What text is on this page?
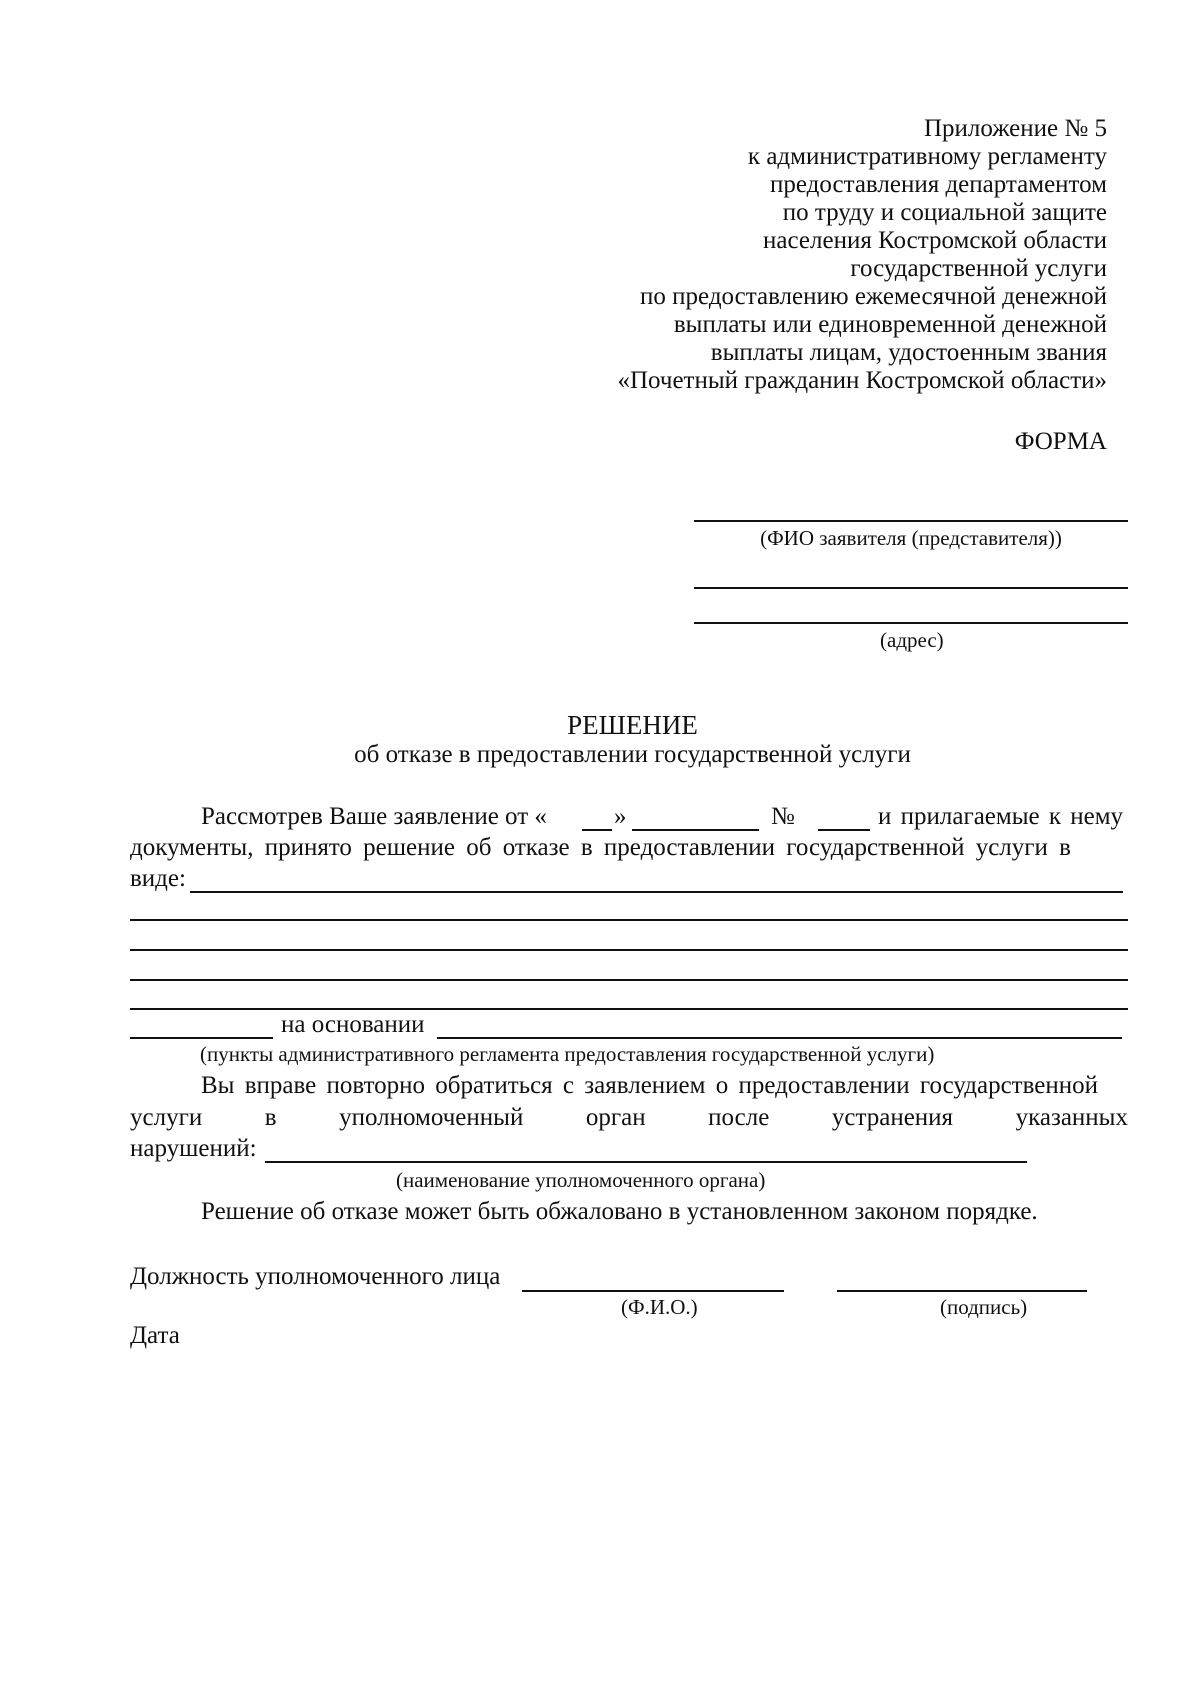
Приложение № 5
к административному регламенту
предоставления департаментом
по труду и социальной защите
населения Костромской области
государственной услуги
по предоставлению ежемесячной денежной
выплаты или единовременной денежной
выплаты лицам, удостоенным звания
«Почетный гражданин Костромской области»
ФОРМА
(ФИО заявителя (представителя))
(адрес)
РЕШЕНИЕ
об отказе в предоставлении государственной услуги
Рассмотрев Ваше заявление от «	»	№	и прилагаемые к нему
документы, принято решение об отказе в предоставлении государственной услуги в
виде:
на основании
(пункты административного регламента предоставления государственной услуги)
Вы вправе повторно обратиться с заявлением о предоставлении государственной
услуги	в	уполномоченный	орган	после	устранения	указанных
нарушений:
(наименование уполномоченного органа)
Решение об отказе может быть обжаловано в установленном законом порядке.
Должность уполномоченного лица
(Ф.И.О.)	(подпись)
Дата
